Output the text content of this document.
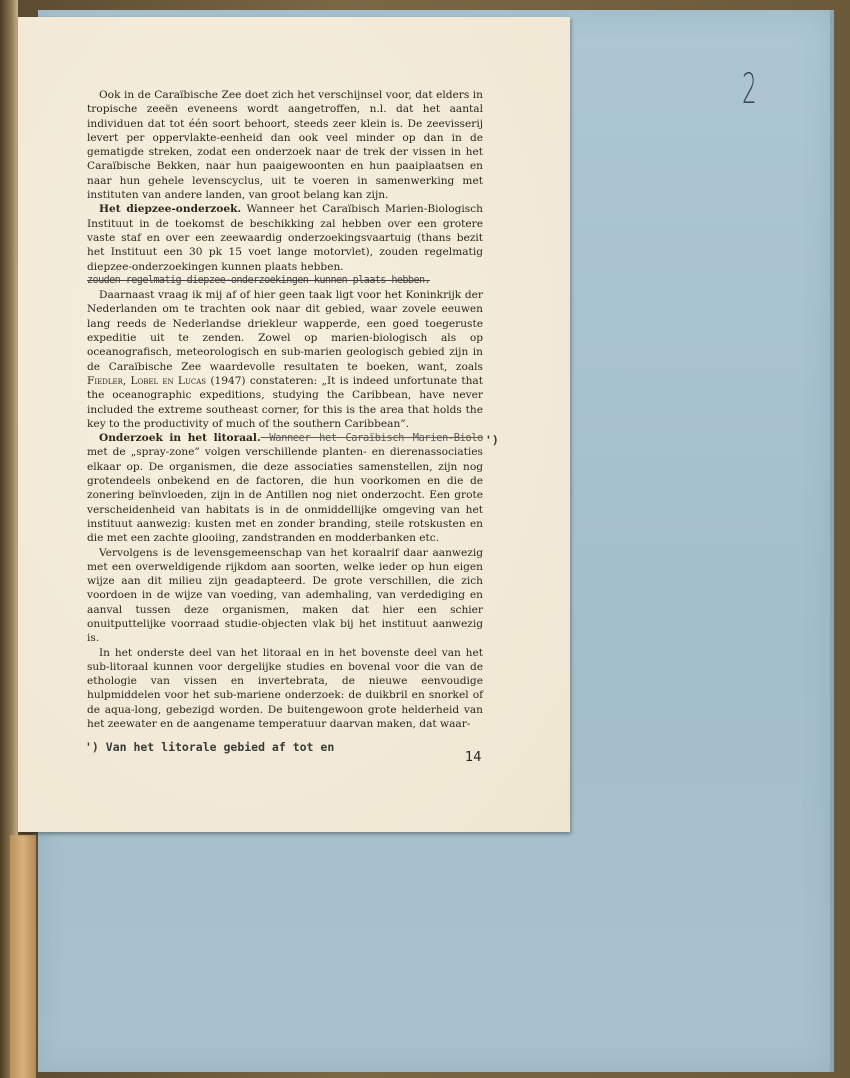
2

Ook in de Caraïbische Zee doet zich het verschijnsel voor, dat elders in tropische zeeën eveneens wordt aangetroffen, n.l. dat het aantal individuen dat tot één soort behoort, steeds zeer klein is. De zeevisserij levert per oppervlakte-eenheid dan ook veel minder op dan in de gematigde streken, zodat een onderzoek naar de trek der vissen in het Caraïbische Bekken, naar hun paaigewoonten en hun paaiplaatsen en naar hun gehele levenscyclus, uit te voeren in samenwerking met instituten van andere landen, van groot belang kan zijn.

Het diepzee-onderzoek. Wanneer het Caraïbisch Marien-Biologisch Instituut in de toekomst de beschikking zal hebben over een grotere vaste staf en over een zeewaardig onderzoekingsvaartuig (thans bezit het Instituut een 30 pk 15 voet lange motorvlet), zouden regelmatig diepzee-onderzoekingen kunnen plaats hebben.

zouden regelmatig diepzee-onderzoekingen kunnen plaats hebben.

Daarnaast vraag ik mij af of hier geen taak ligt voor het Koninkrijk der Nederlanden om te trachten ook naar dit gebied, waar zovele eeuwen lang reeds de Nederlandse driekleur wapperde, een goed toegeruste expeditie uit te zenden. Zowel op marien-biologisch als op oceanografisch, meteorologisch en sub-marien geologisch gebied zijn in de Caraïbische Zee waardevolle resultaten te boeken, want, zoals Fiedler, Lobel en Lucas (1947) constateren: „It is indeed unfortunate that the oceanographic expeditions, studying the Caribbean, have never included the extreme southeast corner, for this is the area that holds the key to the productivity of much of the southern Caribbean”.

Onderzoek in het litoraal. Wanneer het Caraïbisch Marien-Biolo met de „spray-zone” volgen verschillende planten- en dierenassociaties elkaar op. De organismen, die deze associaties samenstellen, zijn nog grotendeels onbekend en de factoren, die hun voorkomen en die de zonering beïnvloeden, zijn in de Antillen nog niet onderzocht. Een grote verscheidenheid van habitats is in de onmiddellijke omgeving van het instituut aanwezig: kusten met en zonder branding, steile rotskusten en die met een zachte glooiing, zandstranden en modderbanken etc.

Vervolgens is de levensgemeenschap van het koraalrif daar aanwezig met een overweldigende rijkdom aan soorten, welke ieder op hun eigen wijze aan dit milieu zijn geadapteerd. De grote verschillen, die zich voordoen in de wijze van voeding, van ademhaling, van verdediging en aanval tussen deze organismen, maken dat hier een schier onuitputtelijke voorraad studie-objecten vlak bij het instituut aanwezig is.

In het onderste deel van het litoraal en in het bovenste deel van het sub-litoraal kunnen voor dergelijke studies en bovenal voor die van de ethologie van vissen en invertebrata, de nieuwe eenvoudige hulpmiddelen voor het sub-mariene onderzoek: de duikbril en snorkel of de aqua-long, gebezigd worden. De buitengewoon grote helderheid van het zeewater en de aangename temperatuur daarvan maken, dat waar-

')
') Van het litorale gebied af tot en
14
